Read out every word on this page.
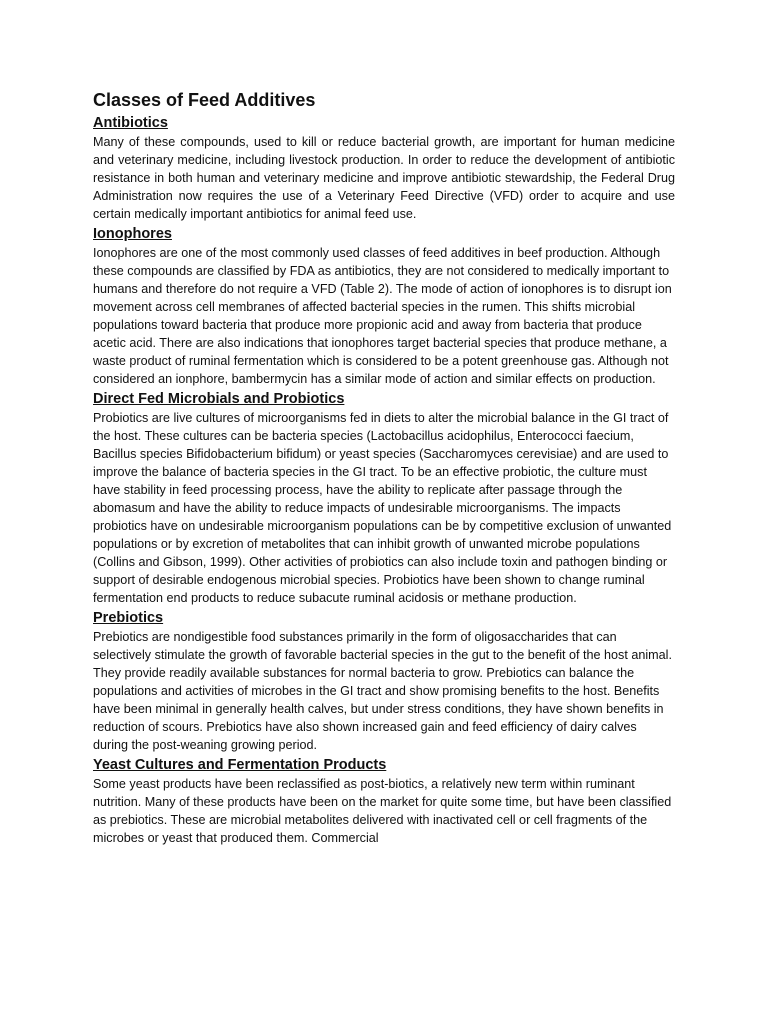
Classes of Feed Additives
Antibiotics

Many of these compounds, used to kill or reduce bacterial growth, are important for human medicine and veterinary medicine, including livestock production. In order to reduce the development of antibiotic resistance in both human and veterinary medicine and improve antibiotic stewardship, the Federal Drug Administration now requires the use of a Veterinary Feed Directive (VFD) order to acquire and use certain medically important antibiotics for animal feed use.

Ionophores

Ionophores are one of the most commonly used classes of feed additives in beef production. Although these compounds are classified by FDA as antibiotics, they are not considered to medically important to humans and therefore do not require a VFD (Table 2). The mode of action of ionophores is to disrupt ion movement across cell membranes of affected bacterial species in the rumen. This shifts microbial populations toward bacteria that produce more propionic acid and away from bacteria that produce acetic acid. There are also indications that ionophores target bacterial species that produce methane, a waste product of ruminal fermentation which is considered to be a potent greenhouse gas. Although not considered an ionphore, bambermycin has a similar mode of action and similar effects on production.

Direct Fed Microbials and Probiotics

Probiotics are live cultures of microorganisms fed in diets to alter the microbial balance in the GI tract of the host. These cultures can be bacteria species (Lactobacillus acidophilus, Enterococci faecium, Bacillus species Bifidobacterium bifidum) or yeast species (Saccharomyces cerevisiae) and are used to improve the balance of bacteria species in the GI tract. To be an effective probiotic, the culture must have stability in feed processing process, have the ability to replicate after passage through the abomasum and have the ability to reduce impacts of undesirable microorganisms. The impacts probiotics have on undesirable microorganism populations can be by competitive exclusion of unwanted populations or by excretion of metabolites that can inhibit growth of unwanted microbe populations (Collins and Gibson, 1999). Other activities of probiotics can also include toxin and pathogen binding or support of desirable endogenous microbial species. Probiotics have been shown to change ruminal fermentation end products to reduce subacute ruminal acidosis or methane production.

Prebiotics

Prebiotics are nondigestible food substances primarily in the form of oligosaccharides that can selectively stimulate the growth of favorable bacterial species in the gut to the benefit of the host animal. They provide readily available substances for normal bacteria to grow. Prebiotics can balance the populations and activities of microbes in the GI tract and show promising benefits to the host. Benefits have been minimal in generally health calves, but under stress conditions, they have shown benefits in reduction of scours. Prebiotics have also shown increased gain and feed efficiency of dairy calves during the post-weaning growing period.

Yeast Cultures and Fermentation Products

Some yeast products have been reclassified as post-biotics, a relatively new term within ruminant nutrition. Many of these products have been on the market for quite some time, but have been classified as prebiotics. These are microbial metabolites delivered with inactivated cell or cell fragments of the microbes or yeast that produced them. Commercial
